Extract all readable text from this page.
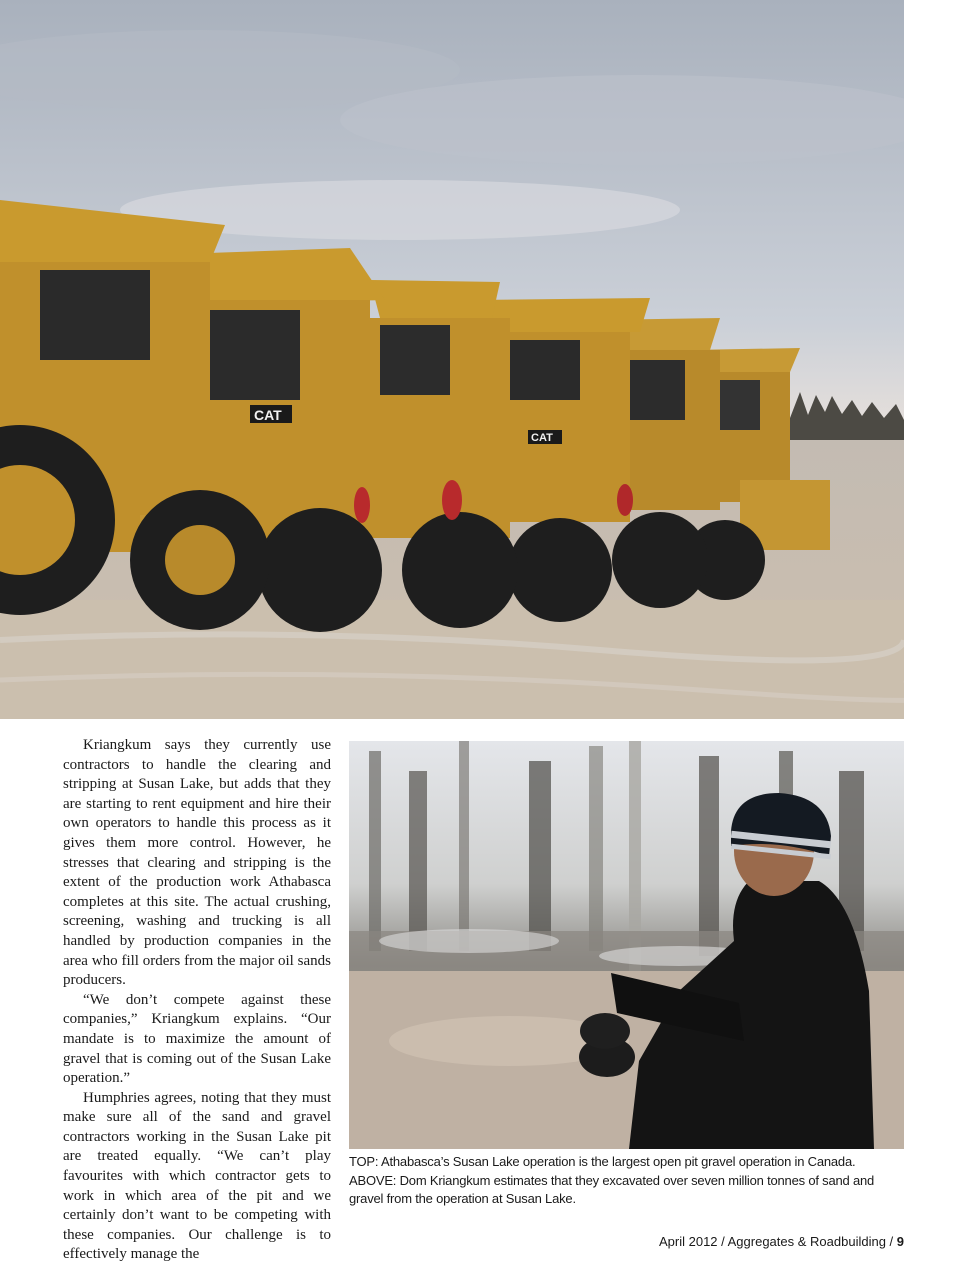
CAT
CAT

Kriangkum says they currently use contractors to handle the clearing and stripping at Susan Lake, but adds that they are starting to rent equipment and hire their own operators to handle this process as it gives them more control. However, he stresses that clearing and stripping is the extent of the production work Athabasca completes at this site. The actual crushing, screening, washing and trucking is all handled by production companies in the area who fill orders from the major oil sands producers.

“We don’t compete against these companies,” Kriangkum explains. “Our mandate is to maximize the amount of gravel that is coming out of the Susan Lake operation.”

Humphries agrees, noting that they must make sure all of the sand and gravel contractors working in the Susan Lake pit are treated equally. “We can’t play favourites with which contractor gets to work in which area of the pit and we certainly don’t want to be competing with these companies. Our challenge is to effectively manage the

TOP: Athabasca’s Susan Lake operation is the largest open pit gravel operation in Canada.
ABOVE: Dom Kriangkum estimates that they excavated over seven million tonnes of sand and gravel from the operation at Susan Lake.
April 2012 / Aggregates & Roadbuilding / 9
